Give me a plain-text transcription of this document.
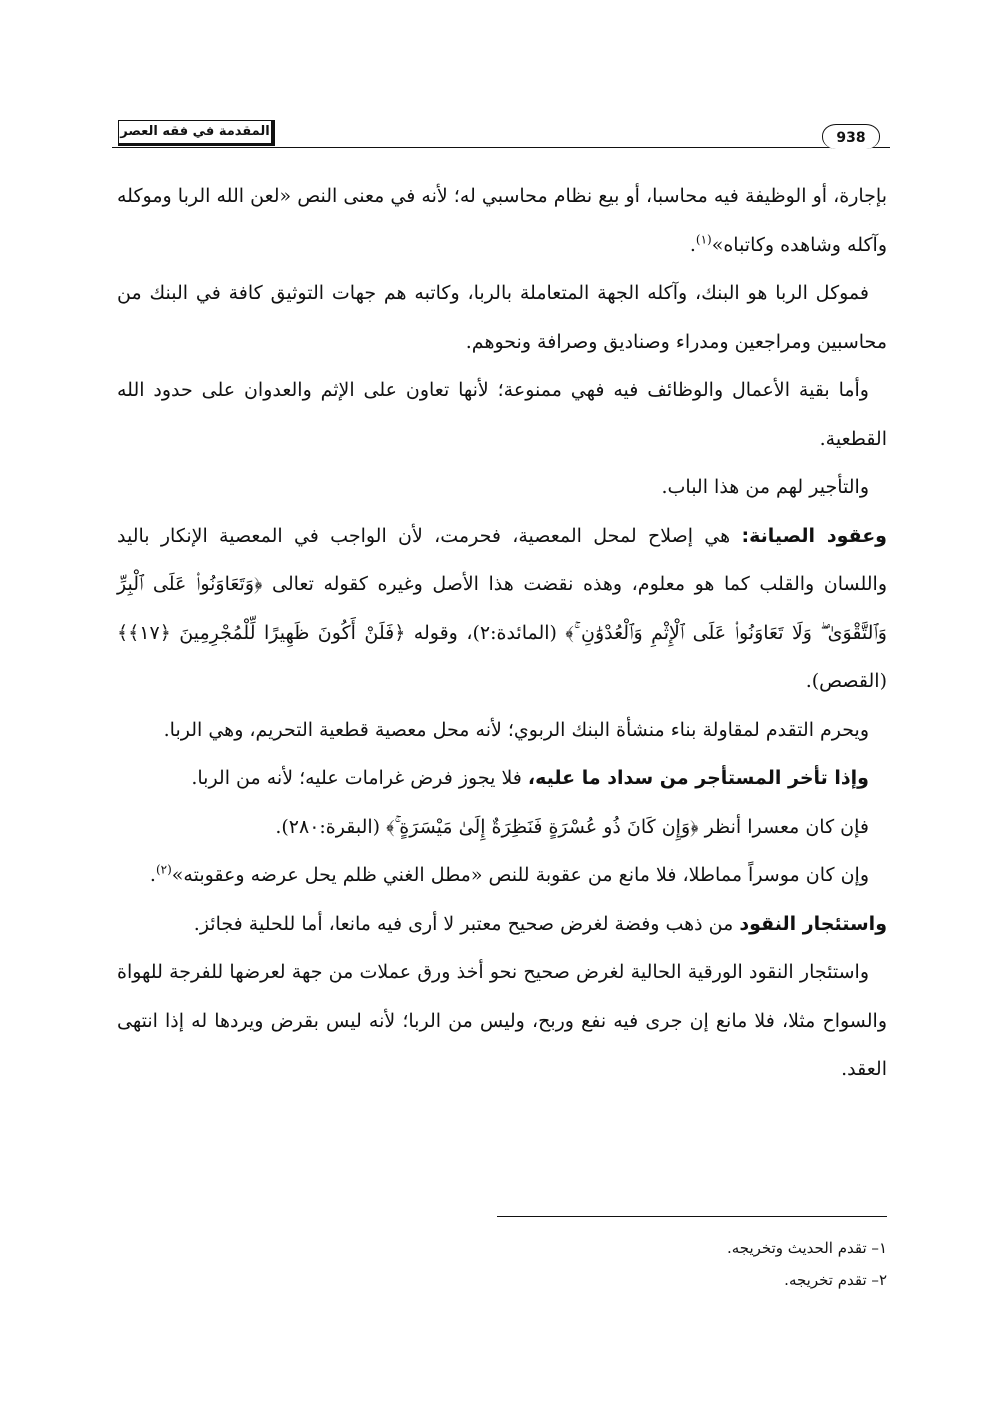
المقدمة في فقه العصر	938

بإجارة، أو الوظيفة فيه محاسبا، أو بيع نظام محاسبي له؛ لأنه في معنى النص «لعن الله الربا وموكله وآكله وشاهده وكاتباه»$^{(١)}$.

فموكل الربا هو البنك، وآكله الجهة المتعاملة بالربا، وكاتبه هم جهات التوثيق كافة في البنك من محاسبين ومراجعين ومدراء وصناديق وصرافة ونحوهم.

وأما بقية الأعمال والوظائف فيه فهي ممنوعة؛ لأنها تعاون على الإثم والعدوان على حدود الله القطعية.

والتأجير لهم من هذا الباب.

وعقود الصيانة: هي إصلاح لمحل المعصية، فحرمت، لأن الواجب في المعصية الإنكار باليد واللسان والقلب كما هو معلوم، وهذه نقضت هذا الأصل وغيره كقوله تعالى ﴿وَتَعَاوَنُوا۟ عَلَى ٱلْبِرِّ وَٱلتَّقْوَىٰ ۖ وَلَا تَعَاوَنُوا۟ عَلَى ٱلْإِثْمِ وَٱلْعُدْوَٰنِ ۚ﴾ (المائدة:٢)، وقوله ﴿فَلَنْ أَكُونَ ظَهِيرًا لِّلْمُجْرِمِينَ ﴿١٧﴾﴾ (القصص).

ويحرم التقدم لمقاولة بناء منشأة البنك الربوي؛ لأنه محل معصية قطعية التحريم، وهي الربا.

وإذا تأخر المستأجر من سداد ما عليه، فلا يجوز فرض غرامات عليه؛ لأنه من الربا.

فإن كان معسرا أنظر ﴿وَإِن كَانَ ذُو عُسْرَةٍ فَنَظِرَةٌ إِلَىٰ مَيْسَرَةٍ ۚ﴾ (البقرة:٢٨٠).

وإن كان موسراً مماطلا، فلا مانع من عقوبة للنص «مطل الغني ظلم يحل عرضه وعقوبته»$^{(٢)}$.

واستئجار النقود من ذهب وفضة لغرض صحيح معتبر لا أرى فيه مانعا، أما للحلية فجائز.

واستئجار النقود الورقية الحالية لغرض صحيح نحو أخذ ورق عملات من جهة لعرضها للفرجة للهواة والسواح مثلا، فلا مانع إن جرى فيه نفع وربح، وليس من الربا؛ لأنه ليس بقرض ويردها له إذا انتهى العقد.

١– تقدم الحديث وتخريجه.
٢– تقدم تخريجه.
